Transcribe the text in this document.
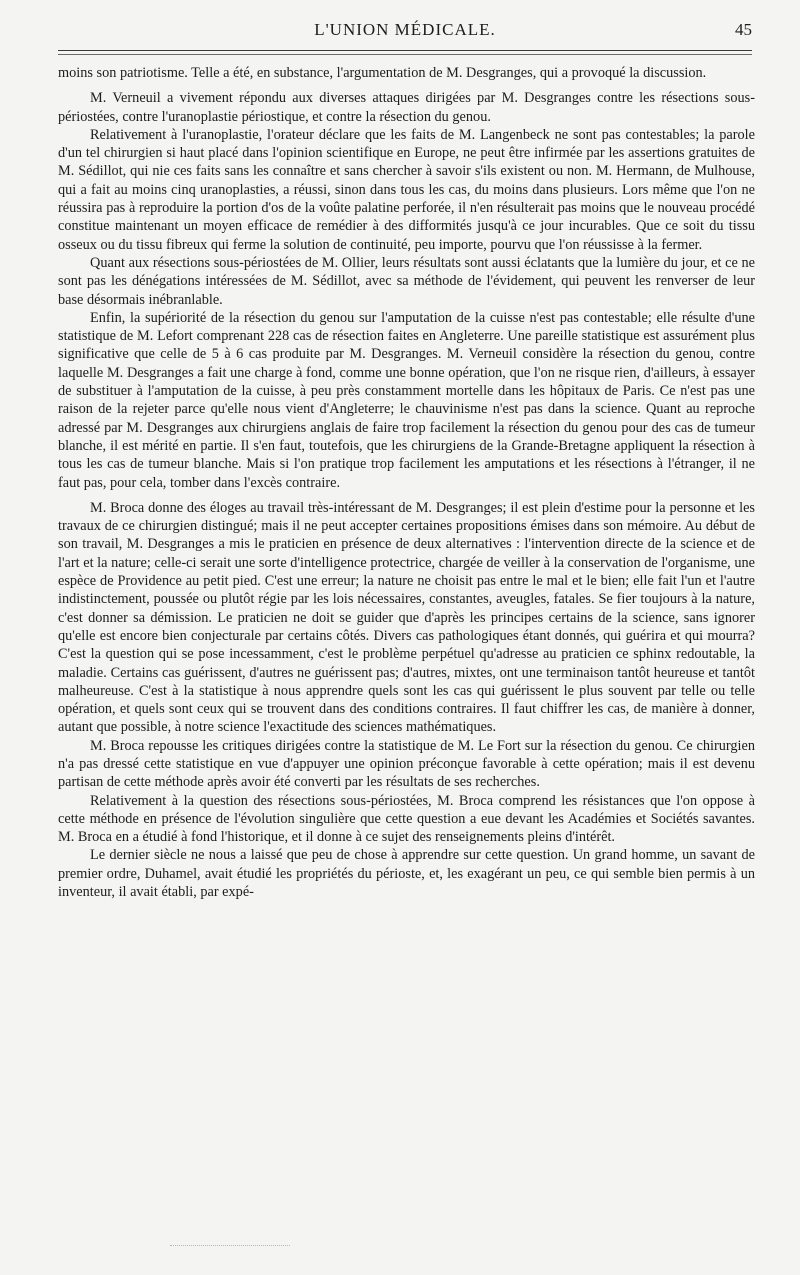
L'UNION MÉDICALE.	45

moins son patriotisme. Telle a été, en substance, l'argumentation de M. Desgranges, qui a provoqué la discussion.

M. Verneuil a vivement répondu aux diverses attaques dirigées par M. Desgranges contre les résections sous-périostées, contre l'uranoplastie périostique, et contre la résection du genou.

Relativement à l'uranoplastie, l'orateur déclare que les faits de M. Langenbeck ne sont pas contestables; la parole d'un tel chirurgien si haut placé dans l'opinion scientifique en Europe, ne peut être infirmée par les assertions gratuites de M. Sédillot, qui nie ces faits sans les connaître et sans chercher à savoir s'ils existent ou non. M. Hermann, de Mulhouse, qui a fait au moins cinq uranoplasties, a réussi, sinon dans tous les cas, du moins dans plusieurs. Lors même que l'on ne réussira pas à reproduire la portion d'os de la voûte palatine perforée, il n'en résulterait pas moins que le nouveau procédé constitue maintenant un moyen efficace de remédier à des difformités jusqu'à ce jour incurables. Que ce soit du tissu osseux ou du tissu fibreux qui ferme la solution de continuité, peu importe, pourvu que l'on réussisse à la fermer.

Quant aux résections sous-périostées de M. Ollier, leurs résultats sont aussi éclatants que la lumière du jour, et ce ne sont pas les dénégations intéressées de M. Sédillot, avec sa méthode de l'évidement, qui peuvent les renverser de leur base désormais inébranlable.

Enfin, la supériorité de la résection du genou sur l'amputation de la cuisse n'est pas contestable; elle résulte d'une statistique de M. Lefort comprenant 228 cas de résection faites en Angleterre. Une pareille statistique est assurément plus significative que celle de 5 à 6 cas produite par M. Desgranges. M. Verneuil considère la résection du genou, contre laquelle M. Desgranges a fait une charge à fond, comme une bonne opération, que l'on ne risque rien, d'ailleurs, à essayer de substituer à l'amputation de la cuisse, à peu près constamment mortelle dans les hôpitaux de Paris. Ce n'est pas une raison de la rejeter parce qu'elle nous vient d'Angleterre; le chauvinisme n'est pas dans la science. Quant au reproche adressé par M. Desgranges aux chirurgiens anglais de faire trop facilement la résection du genou pour des cas de tumeur blanche, il est mérité en partie. Il s'en faut, toutefois, que les chirurgiens de la Grande-Bretagne appliquent la résection à tous les cas de tumeur blanche. Mais si l'on pratique trop facilement les amputations et les résections à l'étranger, il ne faut pas, pour cela, tomber dans l'excès contraire.

M. Broca donne des éloges au travail très-intéressant de M. Desgranges; il est plein d'estime pour la personne et les travaux de ce chirurgien distingué; mais il ne peut accepter certaines propositions émises dans son mémoire. Au début de son travail, M. Desgranges a mis le praticien en présence de deux alternatives : l'intervention directe de la science et de l'art et la nature; celle-ci serait une sorte d'intelligence protectrice, chargée de veiller à la conservation de l'organisme, une espèce de Providence au petit pied. C'est une erreur; la nature ne choisit pas entre le mal et le bien; elle fait l'un et l'autre indistinctement, poussée ou plutôt régie par les lois nécessaires, constantes, aveugles, fatales. Se fier toujours à la nature, c'est donner sa démission. Le praticien ne doit se guider que d'après les principes certains de la science, sans ignorer qu'elle est encore bien conjecturale par certains côtés. Divers cas pathologiques étant donnés, qui guérira et qui mourra? C'est la question qui se pose incessamment, c'est le problème perpétuel qu'adresse au praticien ce sphinx redoutable, la maladie. Certains cas guérissent, d'autres ne guérissent pas; d'autres, mixtes, ont une terminaison tantôt heureuse et tantôt malheureuse. C'est à la statistique à nous apprendre quels sont les cas qui guérissent le plus souvent par telle ou telle opération, et quels sont ceux qui se trouvent dans des conditions contraires. Il faut chiffrer les cas, de manière à donner, autant que possible, à notre science l'exactitude des sciences mathématiques.

M. Broca repousse les critiques dirigées contre la statistique de M. Le Fort sur la résection du genou. Ce chirurgien n'a pas dressé cette statistique en vue d'appuyer une opinion préconçue favorable à cette opération; mais il est devenu partisan de cette méthode après avoir été converti par les résultats de ses recherches.

Relativement à la question des résections sous-périostées, M. Broca comprend les résistances que l'on oppose à cette méthode en présence de l'évolution singulière que cette question a eue devant les Académies et Sociétés savantes. M. Broca en a étudié à fond l'historique, et il donne à ce sujet des renseignements pleins d'intérêt.

Le dernier siècle ne nous a laissé que peu de chose à apprendre sur cette question. Un grand homme, un savant de premier ordre, Duhamel, avait étudié les propriétés du périoste, et, les exagérant un peu, ce qui semble bien permis à un inventeur, il avait établi, par expé-
